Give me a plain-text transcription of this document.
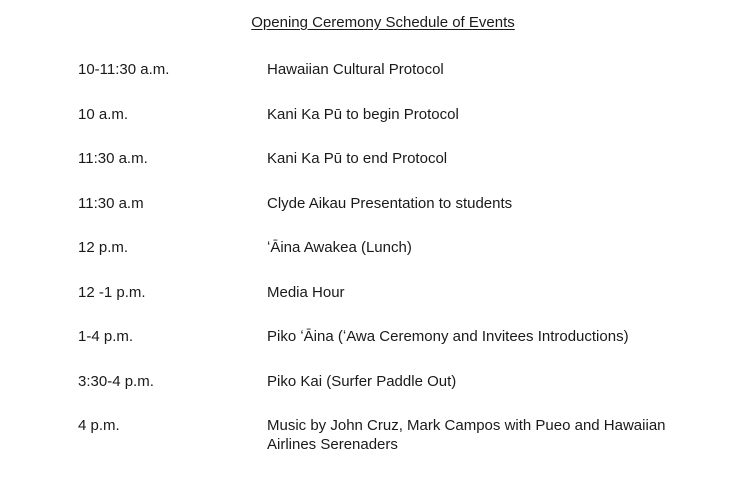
Opening Ceremony Schedule of Events
10-11:30 a.m.	Hawaiian Cultural Protocol
10 a.m.	Kani Ka Pū to begin Protocol
11:30 a.m.	Kani Ka Pū to end Protocol
11:30 a.m	Clyde Aikau Presentation to students
12 p.m.	ʻĀina Awakea (Lunch)
12 -1 p.m.	Media Hour
1-4 p.m.	Piko ʻĀina (ʻAwa Ceremony and Invitees Introductions)
3:30-4 p.m.	Piko Kai (Surfer Paddle Out)
4 p.m.	Music by John Cruz, Mark Campos with Pueo and Hawaiian Airlines Serenaders
